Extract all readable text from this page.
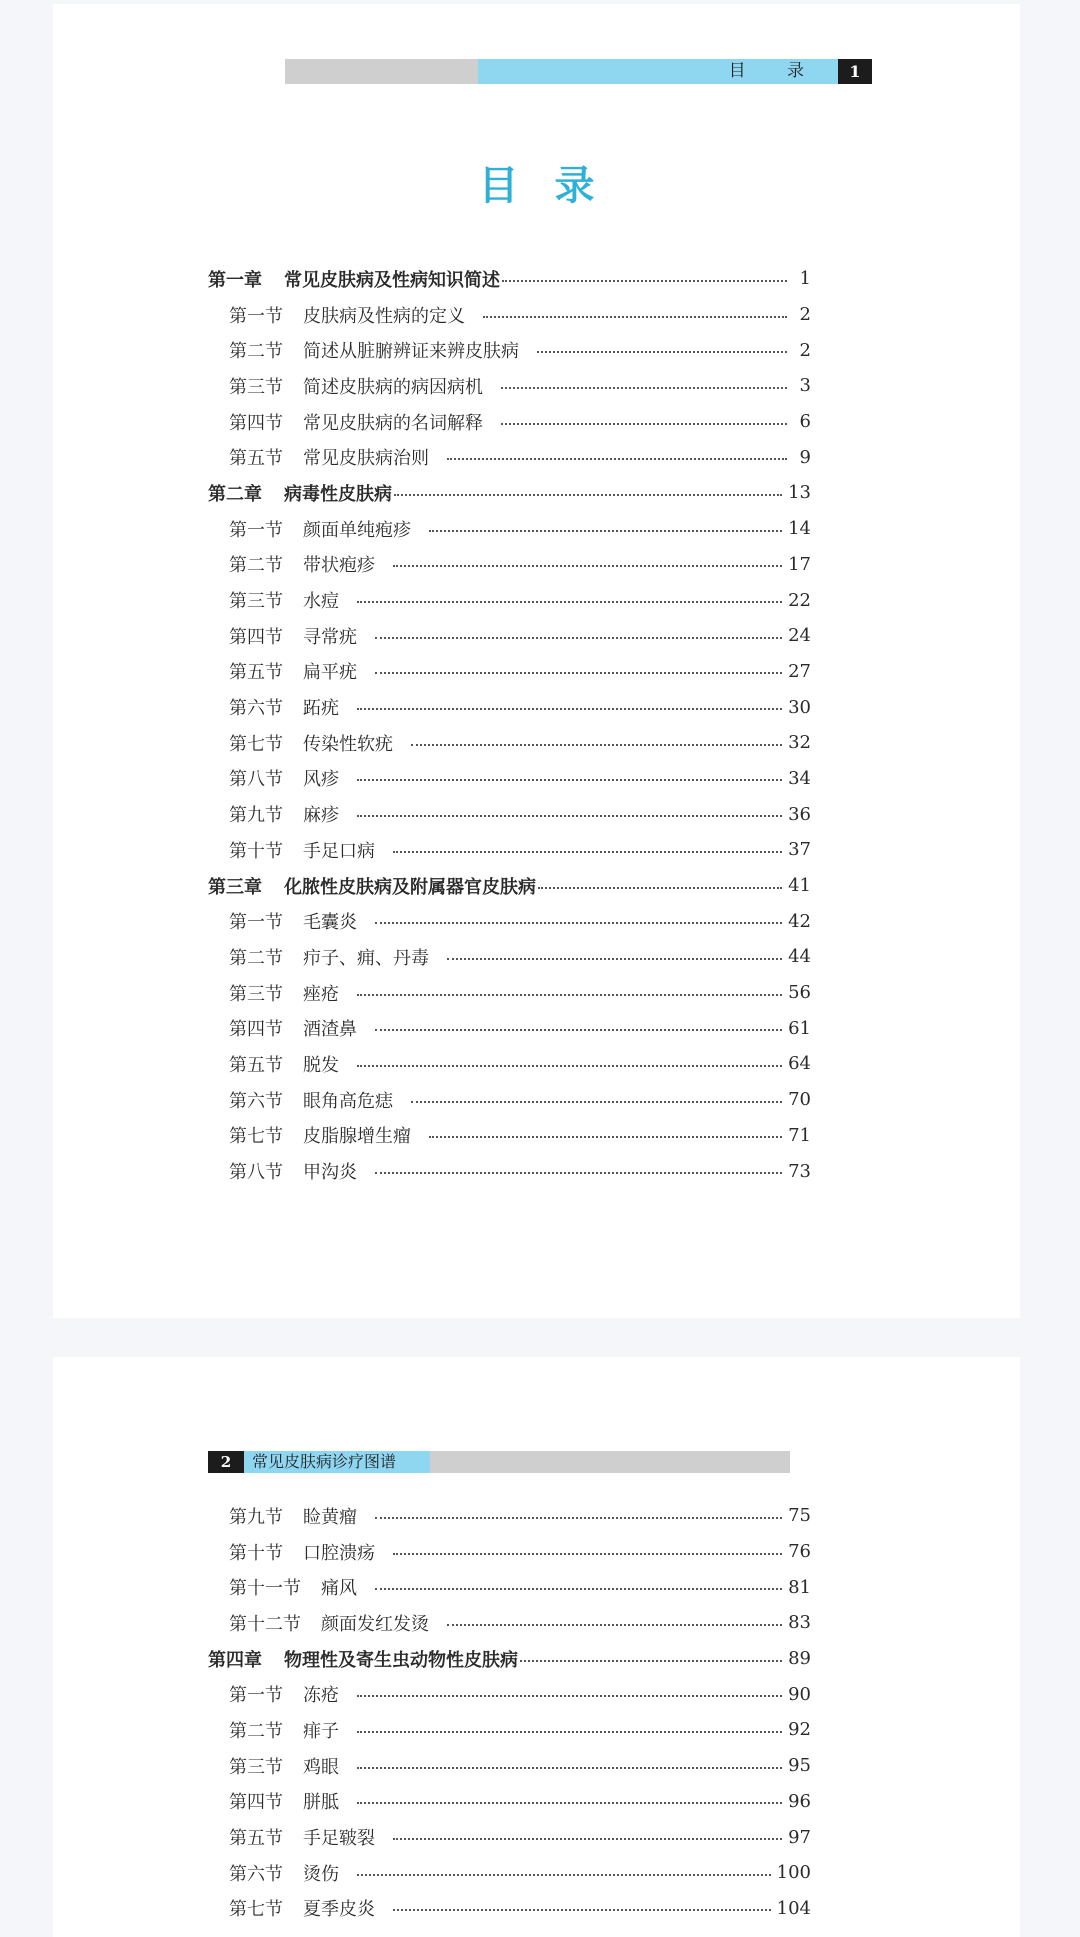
目 录	1
目录
第一章 常见皮肤病及性病知识简述	1
第一节 皮肤病及性病的定义	2
第二节 简述从脏腑辨证来辨皮肤病	2
第三节 简述皮肤病的病因病机	3
第四节 常见皮肤病的名词解释	6
第五节 常见皮肤病治则	9
第二章 病毒性皮肤病	13
第一节 颜面单纯疱疹	14
第二节 带状疱疹	17
第三节 水痘	22
第四节 寻常疣	24
第五节 扁平疣	27
第六节 跖疣	30
第七节 传染性软疣	32
第八节 风疹	34
第九节 麻疹	36
第十节 手足口病	37
第三章 化脓性皮肤病及附属器官皮肤病	41
第一节 毛囊炎	42
第二节 疖子、痈、丹毒	44
第三节 痤疮	56
第四节 酒渣鼻	61
第五节 脱发	64
第六节 眼角高危痣	70
第七节 皮脂腺增生瘤	71
第八节 甲沟炎	73
2	常见皮肤病诊疗图谱
第九节 睑黄瘤	75
第十节 口腔溃疡	76
第十一节 痛风	81
第十二节 颜面发红发烫	83
第四章 物理性及寄生虫动物性皮肤病	89
第一节 冻疮	90
第二节 痱子	92
第三节 鸡眼	95
第四节 胼胝	96
第五节 手足皲裂	97
第六节 烫伤	100
第七节 夏季皮炎	104
